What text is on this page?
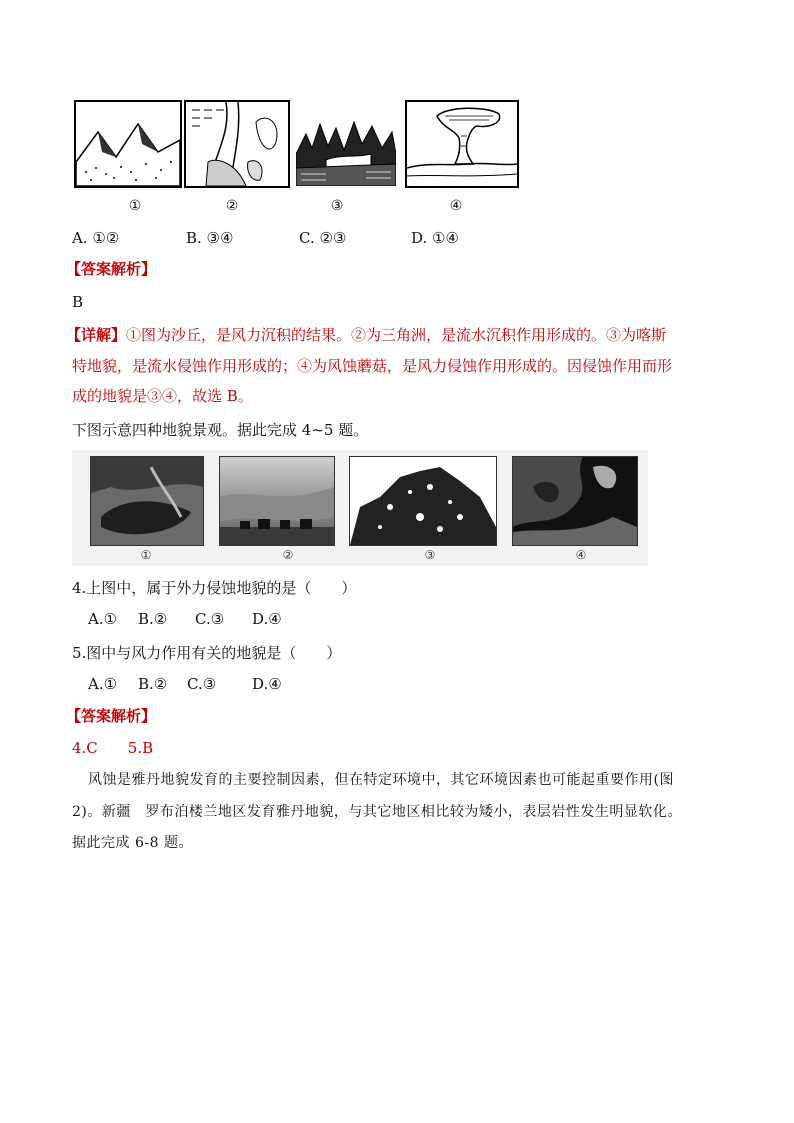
①	②	③	④
A. ①②	B. ③④	C. ②③	D. ①④
【答案解析】
B
【详解】①图为沙丘，是风力沉积的结果。②为三角洲，是流水沉积作用形成的。③为喀斯
特地貌，是流水侵蚀作用形成的；④为风蚀蘑菇，是风力侵蚀作用形成的。因侵蚀作用而形
成的地貌是③④，故选 B。
下图示意四种地貌景观。据此完成 4~5 题。
①	②	③	④
4.上图中，属于外力侵蚀地貌的是（　　）
A.① B.② C.③ D.④
5.图中与风力作用有关的地貌是（　　）
A.① B.② C.③ D.④
【答案解析】
4.C　　5.B
风蚀是雅丹地貌发育的主要控制因素，但在特定环境中，其它环境因素也可能起重要作用(图
2)。新疆　罗布泊楼兰地区发育雅丹地貌，与其它地区相比较为矮小，表层岩性发生明显软化。
据此完成 6-8 题。
